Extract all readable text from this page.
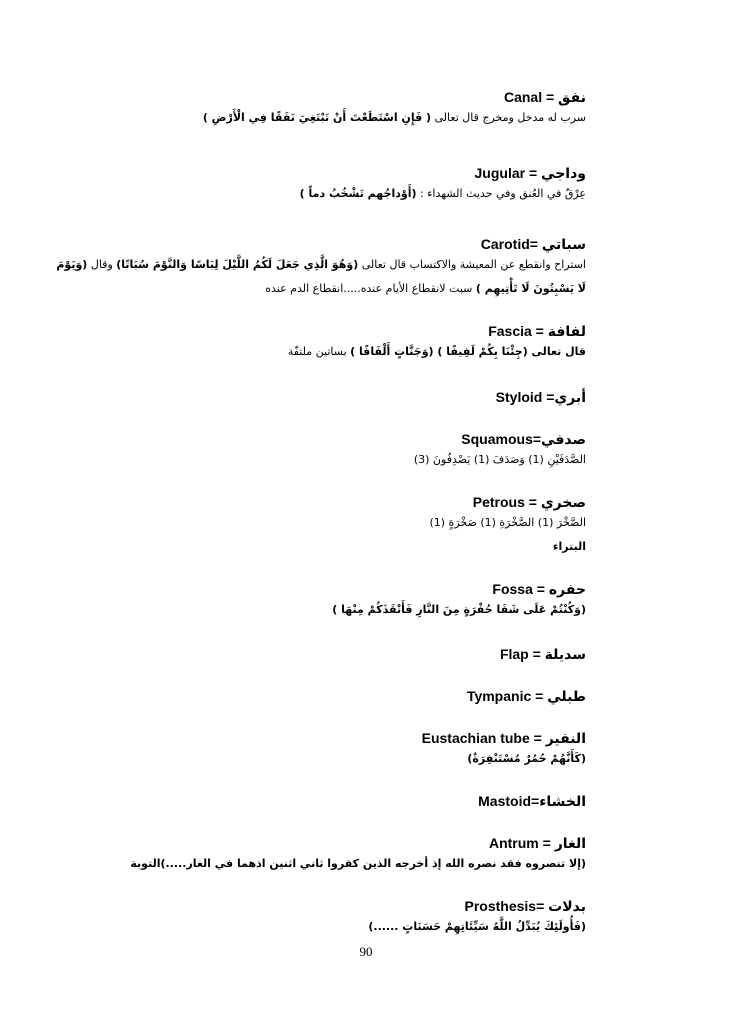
نفق = Canal
سرب له مدخل ومخرج قال تعالى ( فَإِنِ اسْتَطَعْتَ أَنْ تَبْتَغِيَ نَفَقًا فِي الْأَرْضِ )
وداجي = Jugular
عِرْقٌ في العُنق وفي حديث الشهداء : (أَوْداجُهم تَشْخُبُ دماً )
سباتي =Carotid
استراح وانقطع عن المعيشة والاكتساب قال تعالى (وَهُوَ الَّذِي جَعَلَ لَكُمُ اللَّيْلَ لِبَاسًا وَالنَّوْمَ سُبَاتًا) وقال (وَيَوْمَ
لَا يَسْبِتُونَ لَا تَأْتِيهِم ) سبت لانقطاع الأيام عنده.....انقطاع الدم عنده
لفافة = Fascia
قال تعالى (جِئْنَا بِكُمْ لَفِيفًا ) (وَجَنَّاتٍ أَلْفَافًا ) بساتين ملتفّة
أبري= Styloid
صدفي=Squamous
الصَّدَفَيْنِ (1) وَصَدَفَ (1) يَصْدِفُونَ (3)
صخري = Petrous
الصَّخْرَ (1) الصَّخْرَةِ (1) صَخْرَةٍ (1)
البتراء
حفره = Fossa
(وَكُنْتُمْ عَلَى شَفَا حُفْرَةٍ مِنَ النَّارِ فَأَنْقَذَكُمْ مِنْهَا )
سديلة = Flap
طبلي = Tympanic
النفير = Eustachian tube
(كَأَنَّهُمْ حُمُرٌ مُسْتَنْفِرَةٌ)
الخشاء=Mastoid
الغار = Antrum
(إلا تنصروه فقد نصره الله إذ أخرجه الذين كفروا ثاني اثنين اذهما في الغار.....)التوبة
بدلات =Prosthesis
(فَأُولَئِكَ يُبَدِّلُ اللَّهُ سَيِّئَاتِهِمْ حَسَنَاتٍ ......)
90
